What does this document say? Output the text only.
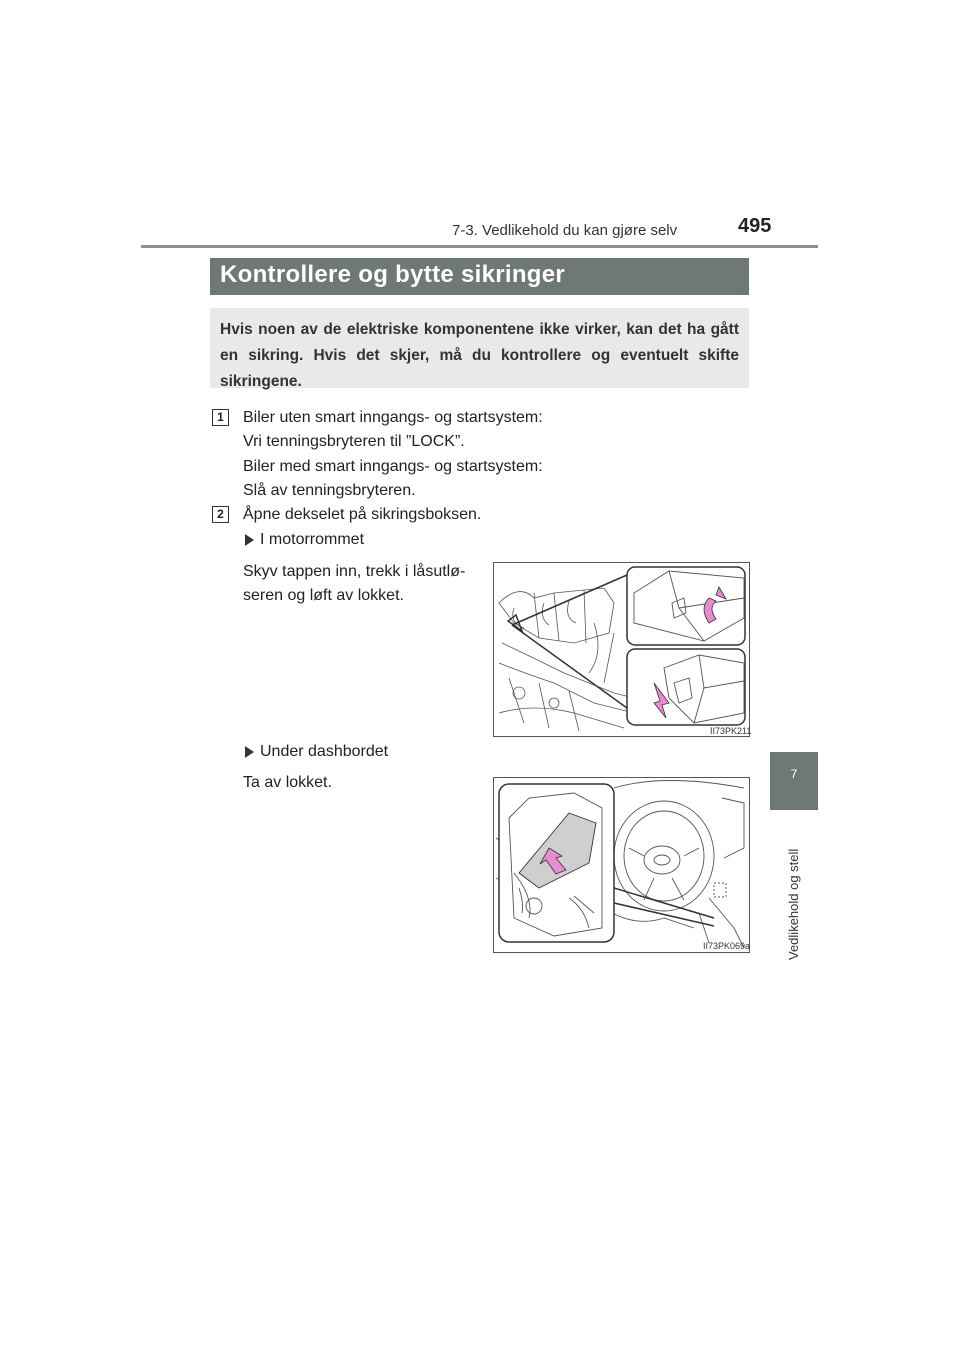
7-3. Vedlikehold du kan gjøre selv	495
Kontrollere og bytte sikringer
Hvis noen av de elektriske komponentene ikke virker, kan det ha gått en sikring. Hvis det skjer, må du kontrollere og eventuelt skifte sikringene.
1	Biler uten smart inngangs- og startsystem:
Vri tenningsbryteren til ”LOCK”.
Biler med smart inngangs- og startsystem:
Slå av tenningsbryteren.
2	Åpne dekselet på sikringsboksen.
I motorrommet
Skyv tappen inn, trekk i låsutlø-
seren og løft av lokket.
II73PK211
Under dashbordet
Ta av lokket.
II73PK069a
7
Vedlikehold og stell
